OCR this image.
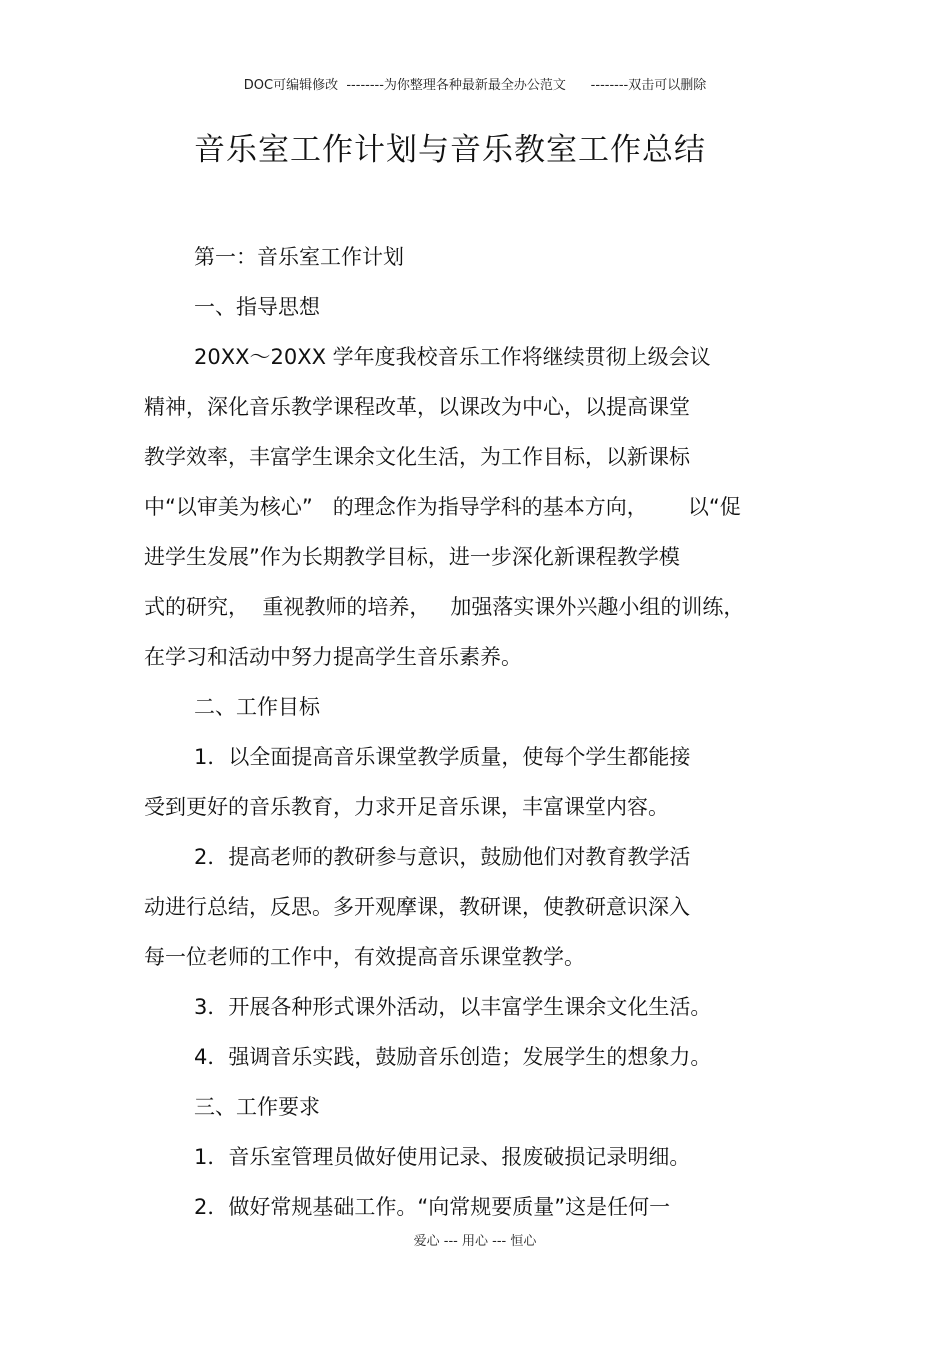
DOC可编辑修改  --------为你整理各种最新最全办公范文      --------双击可以删除
音乐室工作计划与音乐教室工作总结
第一：音乐室工作计划
一、指导思想
20XX～20XX 学年度我校音乐工作将继续贯彻上级会议
精神，深化音乐教学课程改革，以课改为中心，以提高课堂
教学效率，丰富学生课余文化生活，为工作目标，以新课标
中“以审美为核心”   的理念作为指导学科的基本方向，      以“促
进学生发展”作为长期教学目标，进一步深化新课程教学模
式的研究，  重视教师的培养，   加强落实课外兴趣小组的训练，
在学习和活动中努力提高学生音乐素养。
二、工作目标
1．以全面提高音乐课堂教学质量，使每个学生都能接
受到更好的音乐教育，力求开足音乐课，丰富课堂内容。
2．提高老师的教研参与意识，鼓励他们对教育教学活
动进行总结，反思。多开观摩课，教研课，使教研意识深入
每一位老师的工作中，有效提高音乐课堂教学。
3．开展各种形式课外活动，以丰富学生课余文化生活。
4．强调音乐实践，鼓励音乐创造；发展学生的想象力。
三、工作要求
1．音乐室管理员做好使用记录、报废破损记录明细。
2．做好常规基础工作。“向常规要质量”这是任何一
爱心 --- 用心 --- 恒心
